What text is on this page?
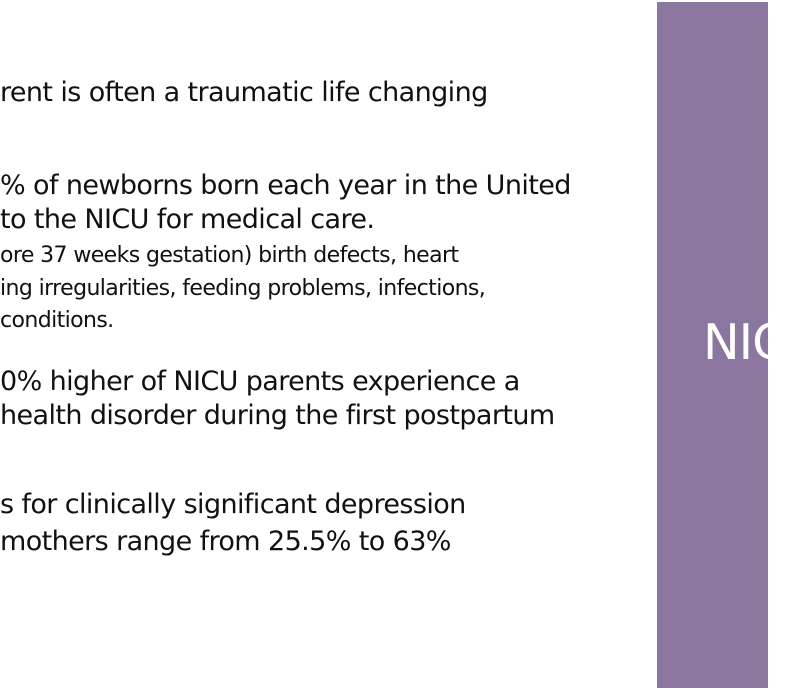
rent is often a traumatic life changing
% of newborns born each year in the United
to the NICU for medical care.
ore 37 weeks gestation) birth defects, heart
ing irregularities, feeding problems, infections,
conditions.
0% higher of NICU parents experience a
health disorder during the first postpartum
s for clinically significant depression
mothers range from 25.5% to 63%
NIC
